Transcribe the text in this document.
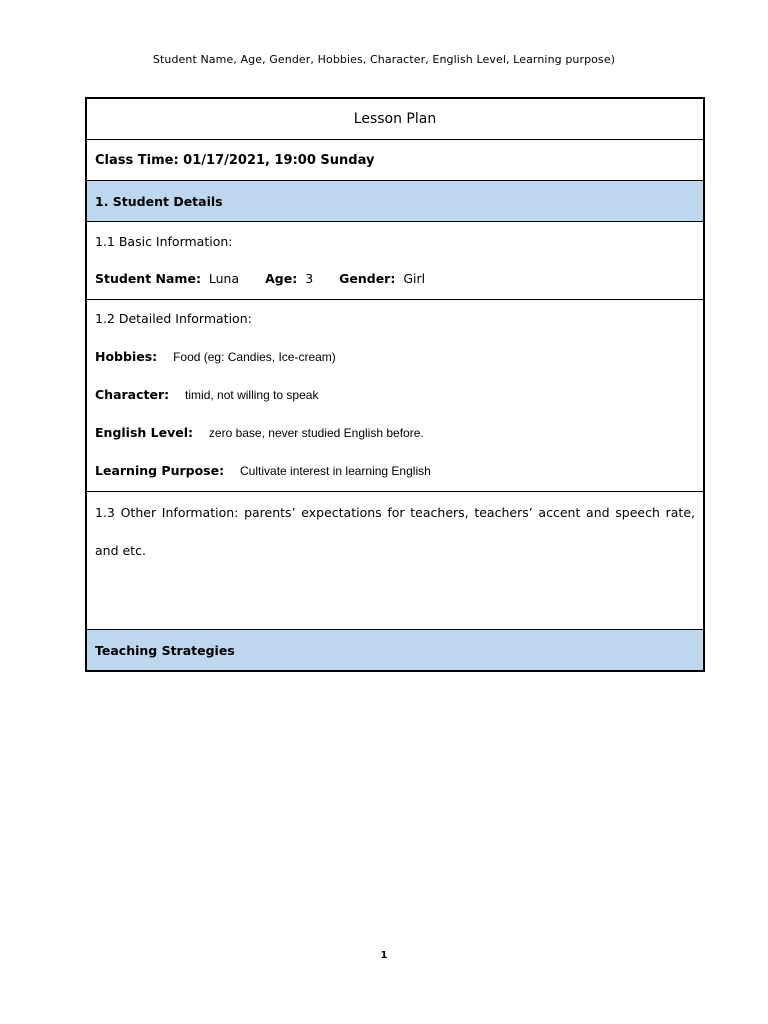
Student Name, Age, Gender, Hobbies, Character, English Level, Learning purpose)
Lesson Plan
Class Time: 01/17/2021, 19:00 Sunday
1. Student Details
1.1 Basic Information:
Student Name: Luna Age: 3 Gender: Girl
1.2 Detailed Information:
Hobbies: Food (eg: Candies, Ice-cream)
Character: timid, not willing to speak
English Level: zero base, never studied English before.
Learning Purpose: Cultivate interest in learning English
1.3 Other Information: parents’ expectations for teachers, teachers’ accent and speech rate, and etc.
Teaching Strategies
1
